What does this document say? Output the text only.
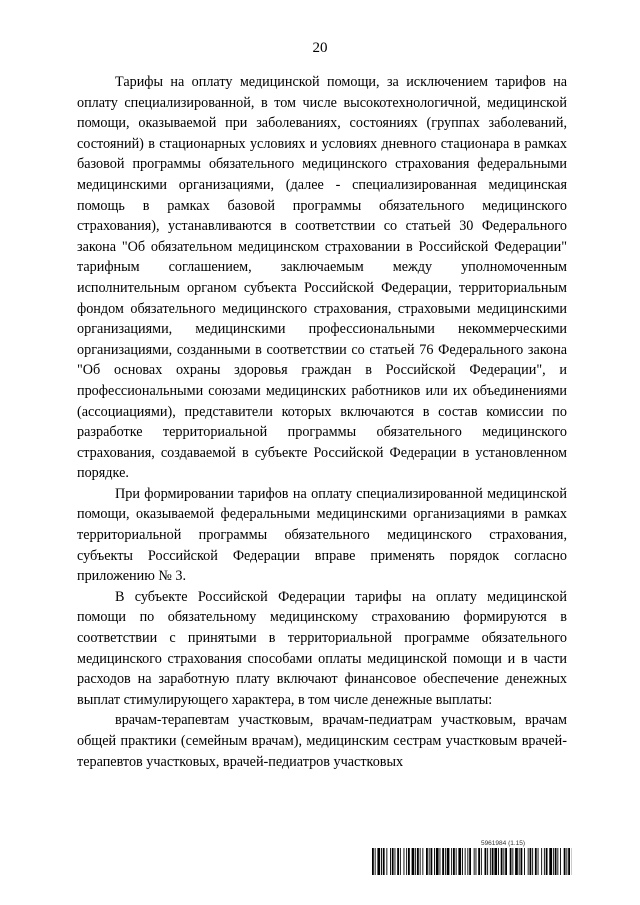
20

Тарифы на оплату медицинской помощи, за исключением тарифов на оплату специализированной, в том числе высокотехнологичной, медицинской помощи, оказываемой при заболеваниях, состояниях (группах заболеваний, состояний) в стационарных условиях и условиях дневного стационара в рамках базовой программы обязательного медицинского страхования федеральными медицинскими организациями, (далее - специализированная медицинская помощь в рамках базовой программы обязательного медицинского страхования), устанавливаются в соответствии со статьей 30 Федерального закона "Об обязательном медицинском страховании в Российской Федерации" тарифным соглашением, заключаемым между уполномоченным исполнительным органом субъекта Российской Федерации, территориальным фондом обязательного медицинского страхования, страховыми медицинскими организациями, медицинскими профессиональными некоммерческими организациями, созданными в соответствии со статьей 76 Федерального закона "Об основах охраны здоровья граждан в Российской Федерации", и профессиональными союзами медицинских работников или их объединениями (ассоциациями), представители которых включаются в состав комиссии по разработке территориальной программы обязательного медицинского страхования, создаваемой в субъекте Российской Федерации в установленном порядке.

При формировании тарифов на оплату специализированной медицинской помощи, оказываемой федеральными медицинскими организациями в рамках территориальной программы обязательного медицинского страхования, субъекты Российской Федерации вправе применять порядок согласно приложению № 3.

В субъекте Российской Федерации тарифы на оплату медицинской помощи по обязательному медицинскому страхованию формируются в соответствии с принятыми в территориальной программе обязательного медицинского страхования способами оплаты медицинской помощи и в части расходов на заработную плату включают финансовое обеспечение денежных выплат стимулирующего характера, в том числе денежные выплаты:

врачам-терапевтам участковым, врачам-педиатрам участковым, врачам общей практики (семейным врачам), медицинским сестрам участковым врачей-терапевтов участковых, врачей-педиатров участковых

5961984 (1.15)
